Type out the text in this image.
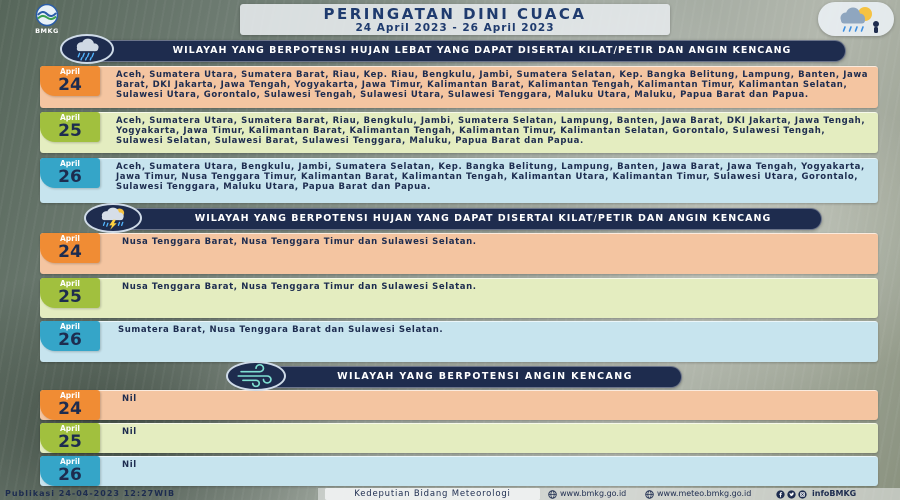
BMKG
PERINGATAN DINI CUACA
24 April 2023 - 26 April 2023
WILAYAH YANG BERPOTENSI HUJAN LEBAT YANG DAPAT DISERTAI KILAT/PETIR DAN ANGIN KENCANG
April
24	Aceh, Sumatera Utara, Sumatera Barat, Riau, Kep. Riau, Bengkulu, Jambi, Sumatera Selatan, Kep. Bangka Belitung, Lampung, Banten, Jawa Barat, DKI Jakarta, Jawa Tengah, Yogyakarta, Jawa Timur, Kalimantan Barat, Kalimantan Tengah, Kalimantan Timur, Kalimantan Selatan, Sulawesi Utara, Gorontalo, Sulawesi Tengah, Sulawesi Utara, Sulawesi Tenggara, Maluku Utara, Maluku, Papua Barat dan Papua.
April
25	Aceh, Sumatera Utara, Sumatera Barat, Riau, Bengkulu, Jambi, Sumatera Selatan, Lampung, Banten, Jawa Barat, DKI Jakarta, Jawa Tengah, Yogyakarta, Jawa Timur, Kalimantan Barat, Kalimantan Tengah, Kalimantan Timur, Kalimantan Selatan, Gorontalo, Sulawesi Tengah, Sulawesi Selatan, Sulawesi Barat, Sulawesi Tenggara, Maluku, Papua Barat dan Papua.
April
26	Aceh, Sumatera Utara, Bengkulu, Jambi, Sumatera Selatan, Kep. Bangka Belitung, Lampung, Banten, Jawa Barat, Jawa Tengah, Yogyakarta, Jawa Timur, Nusa Tenggara Timur, Kalimantan Barat, Kalimantan Tengah, Kalimantan Utara, Kalimantan Timur, Sulawesi Utara, Gorontalo, Sulawesi Tenggara, Maluku Utara, Papua Barat dan Papua.
WILAYAH YANG BERPOTENSI HUJAN YANG DAPAT DISERTAI KILAT/PETIR DAN ANGIN KENCANG
April
24	Nusa Tenggara Barat, Nusa Tenggara Timur dan Sulawesi Selatan.
April
25	Nusa Tenggara Barat, Nusa Tenggara Timur dan Sulawesi Selatan.
April
26	Sumatera Barat, Nusa Tenggara Barat dan Sulawesi Selatan.
WILAYAH YANG BERPOTENSI ANGIN KENCANG
April
24	Nil
April
25	Nil
April
26	Nil
Publikasi 24-04-2023 12:27WIB	Kedeputian Bidang Meteorologi	www.bmkg.go.id	www.meteo.bmkg.go.id	infoBMKG
